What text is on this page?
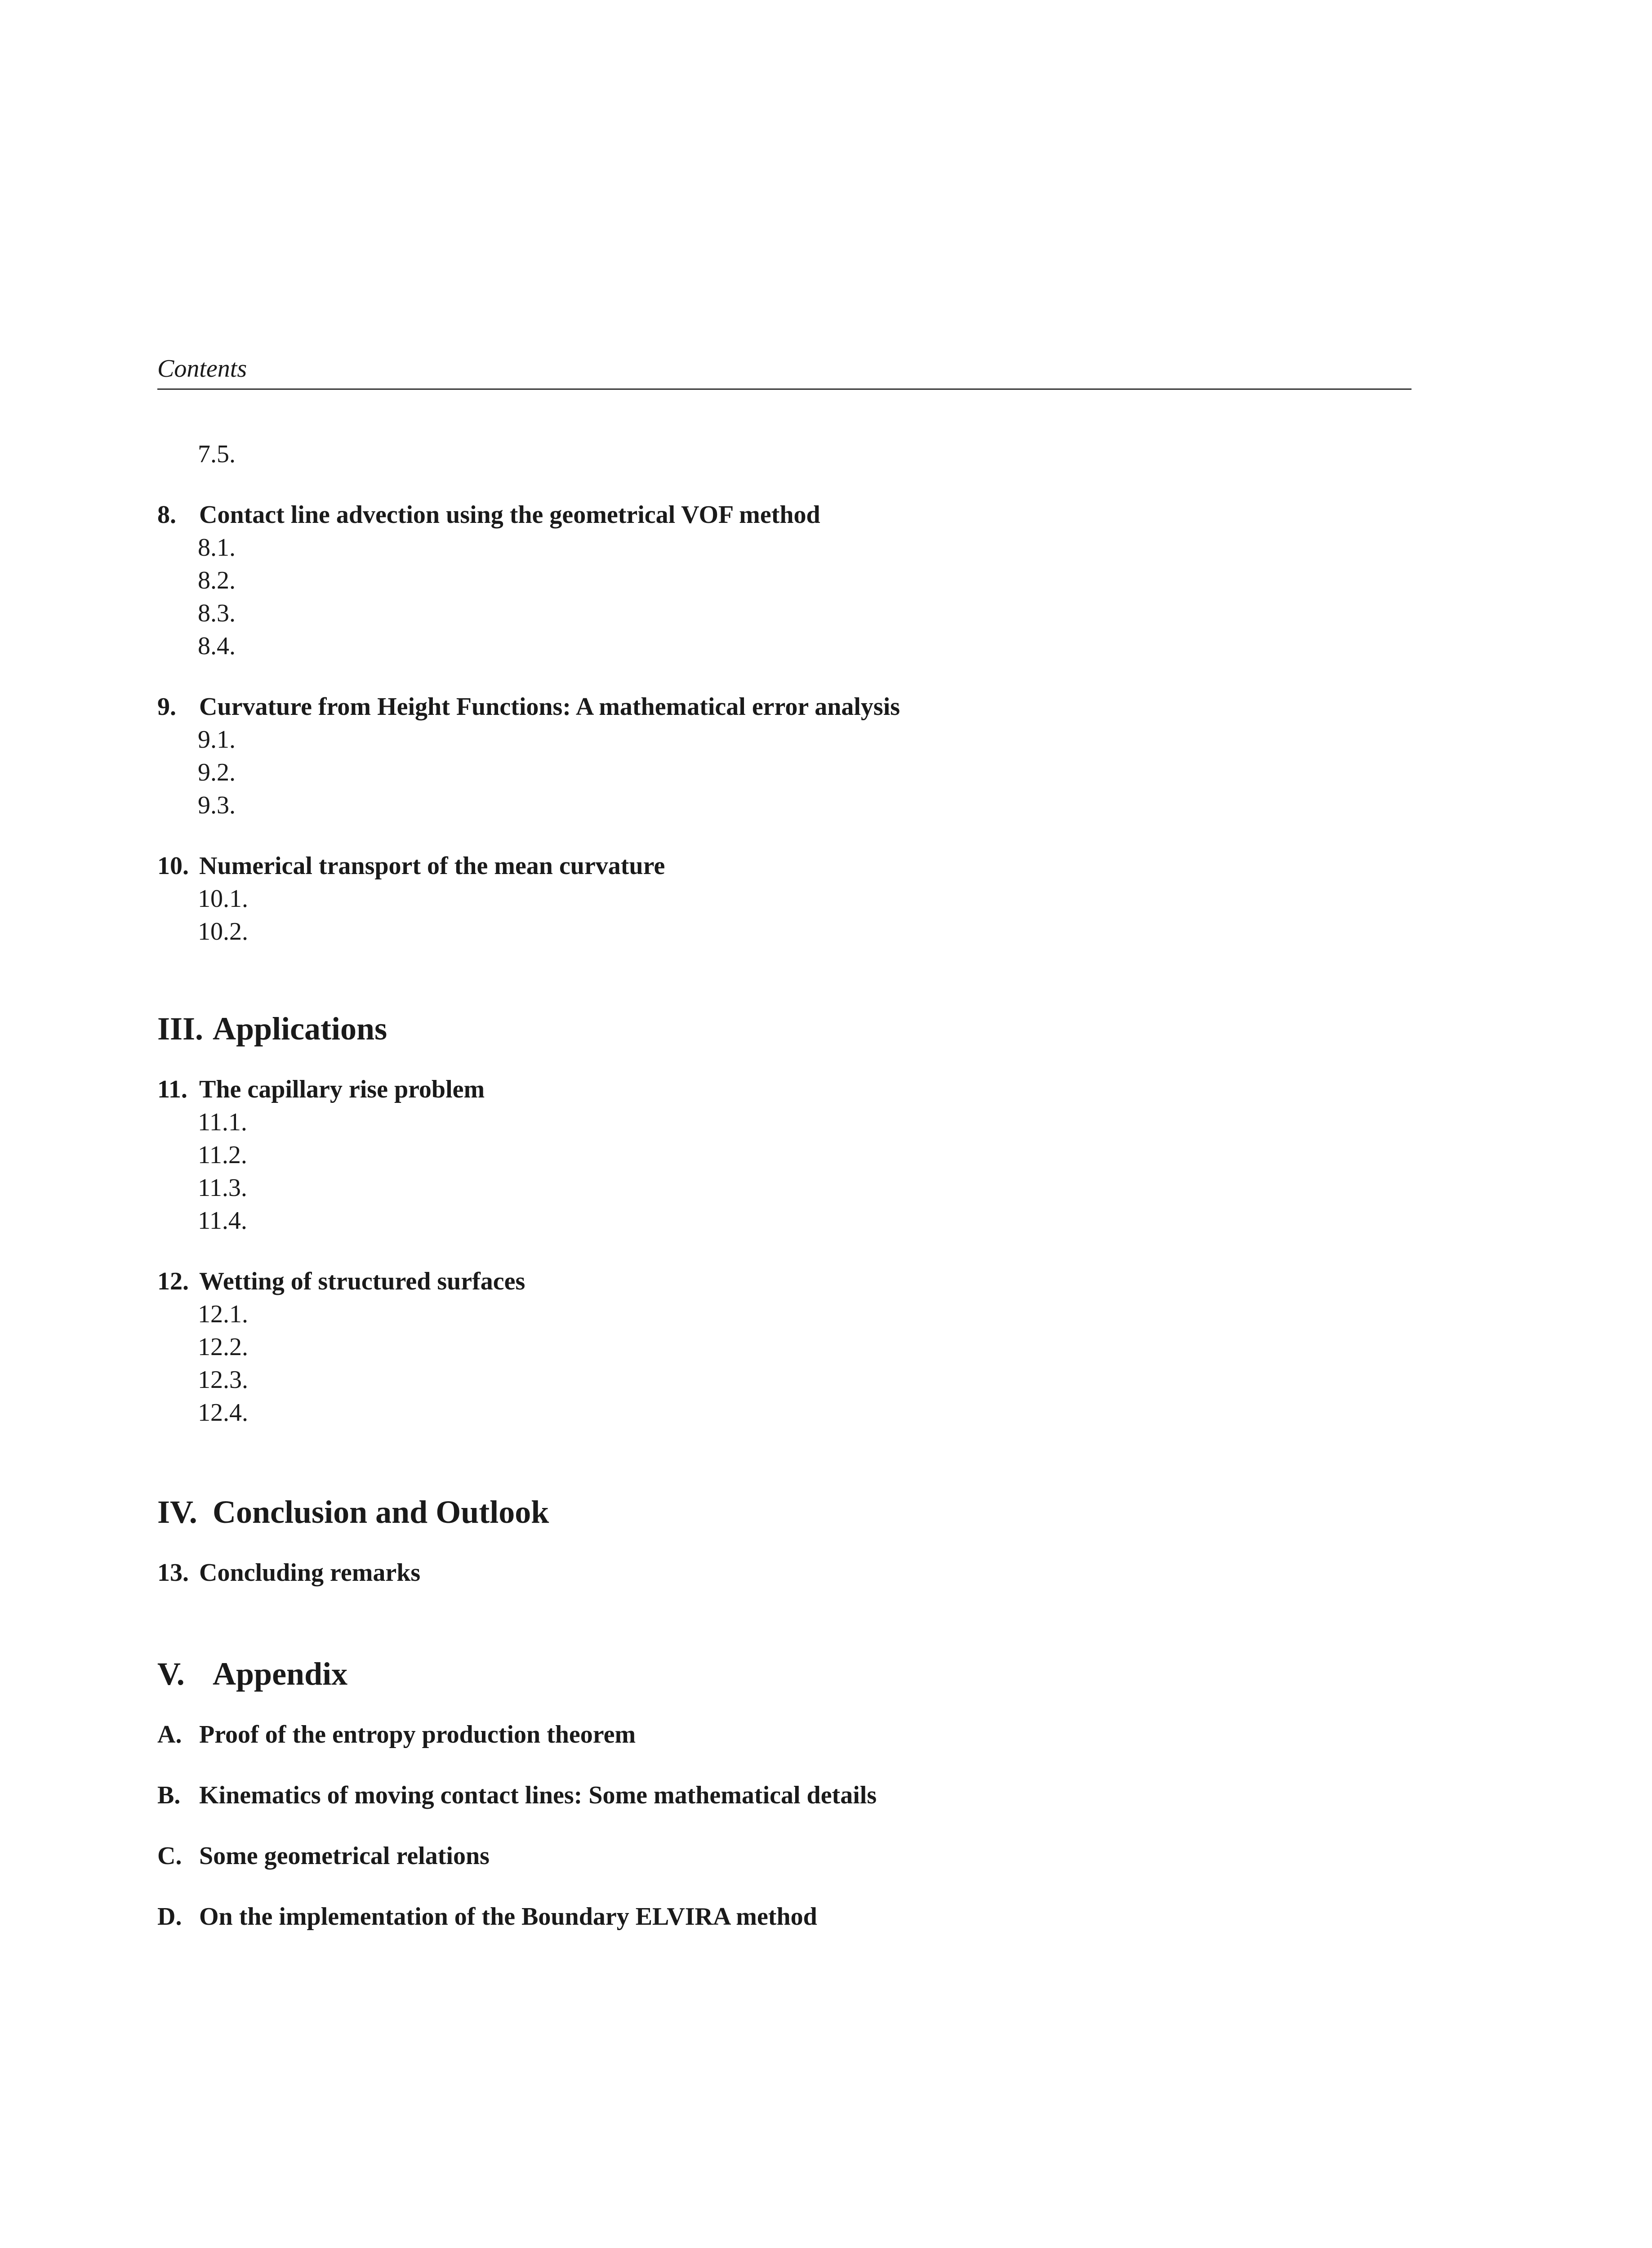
Contents
7.5.
8. Contact line advection using the geometrical VOF method
8.1.
8.2.
8.3.
8.4.
9. Curvature from Height Functions: A mathematical error analysis
9.1.
9.2.
9.3.
10. Numerical transport of the mean curvature
10.1.
10.2.
III. Applications
11. The capillary rise problem
11.1.
11.2.
11.3.
11.4.
12. Wetting of structured surfaces
12.1.
12.2.
12.3.
12.4.
IV. Conclusion and Outlook
13. Concluding remarks
V. Appendix
A. Proof of the entropy production theorem
B. Kinematics of moving contact lines: Some mathematical details
C. Some geometrical relations
D. On the implementation of the Boundary ELVIRA method
